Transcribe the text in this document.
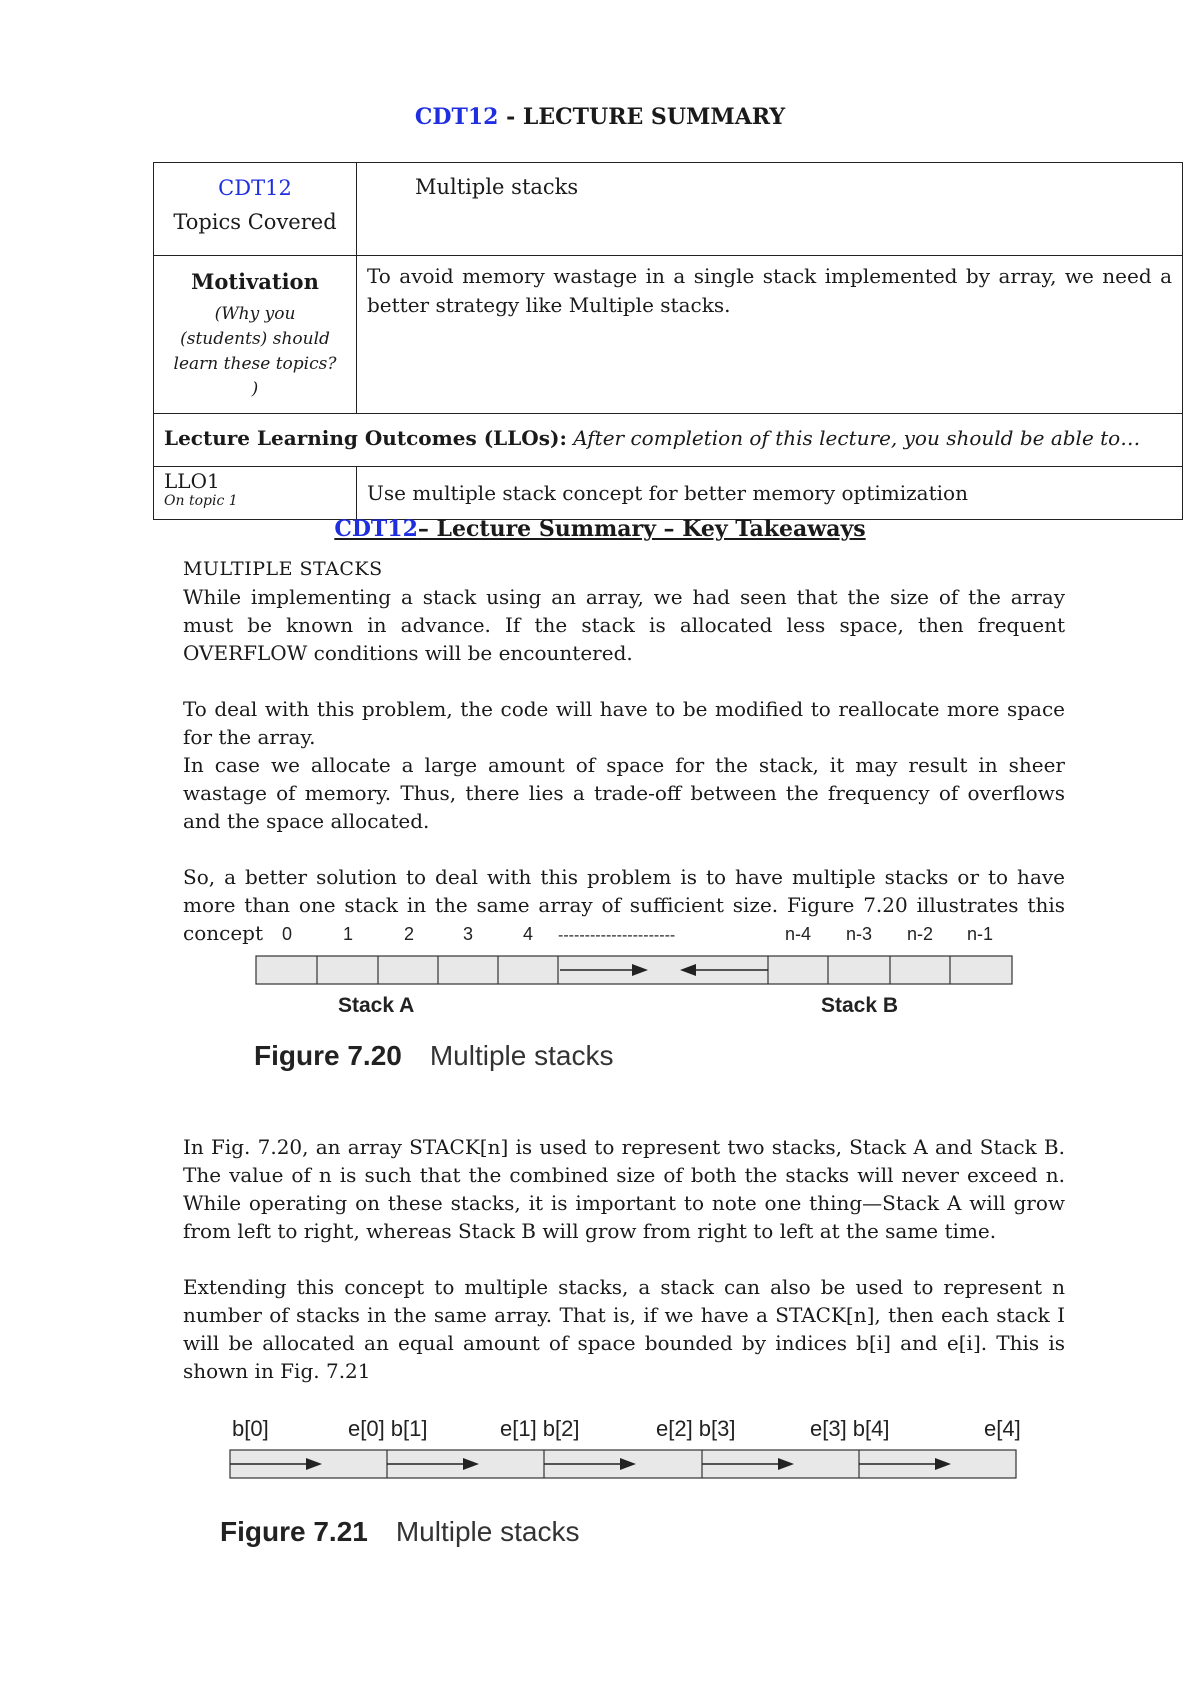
CDT12 - LECTURE SUMMARY
CDT12
Topics Covered	Multiple stacks

Motivation
(Why you (students) should learn these topics? )	To avoid memory wastage in a single stack implemented by array, we need a better strategy like Multiple stacks.
Lecture Learning Outcomes (LLOs): After completion of this lecture, you should be able to…	
LLO1
On topic 1	Use multiple stack concept for better memory optimization
CDT12– Lecture Summary – Key Takeaways

MULTIPLE STACKS

While implementing a stack using an array, we had seen that the size of the array must be known in advance. If the stack is allocated less space, then frequent OVERFLOW conditions will be encountered.

To deal with this problem, the code will have to be modified to reallocate more space for the array.

In case we allocate a large amount of space for the stack, it may result in sheer wastage of memory. Thus, there lies a trade-off between the frequency of overflows and the space allocated.

So, a better solution to deal with this problem is to have multiple stacks or to have more than one stack in the same array of sufficient size. Figure 7.20 illustrates this concept	0	1	2	3	4 ----------------------	n-4 n-3 n-2 n-1
Stack A	Stack B
Figure 7.20 Multiple stacks

In Fig. 7.20, an array STACK[n] is used to represent two stacks, Stack A and Stack B. The value of n is such that the combined size of both the stacks will never exceed n. While operating on these stacks, it is important to note one thing—Stack A will grow from left to right, whereas Stack B will grow from right to left at the same time.

Extending this concept to multiple stacks, a stack can also be used to represent n number of stacks in the same array. That is, if we have a STACK[n], then each stack I will be allocated an equal amount of space bounded by indices b[i] and e[i]. This is shown in Fig. 7.21

b[0]	e[0] b[1]	e[1] b[2]	e[2] b[3]	e[3] b[4]	e[4]
Figure 7.21 Multiple stacks
